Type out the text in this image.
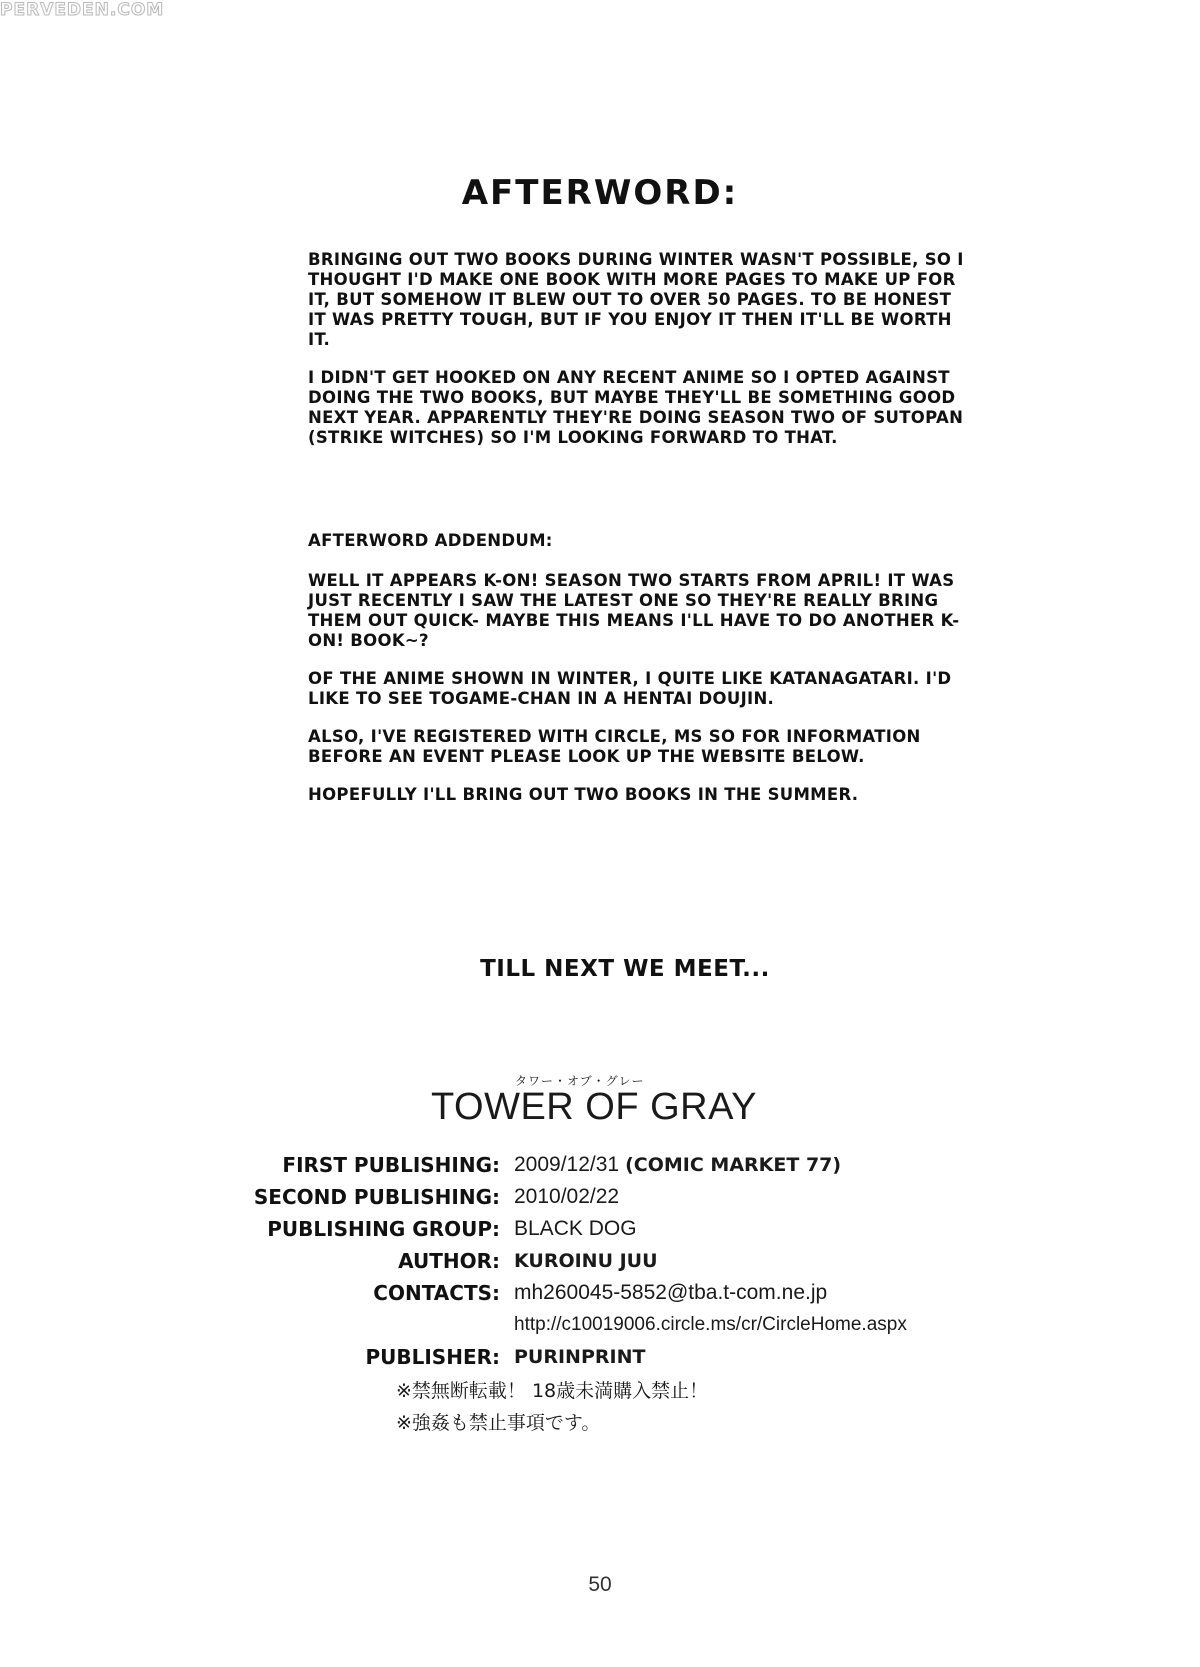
PERVEDEN.COM
AFTERWORD:

BRINGING OUT TWO BOOKS DURING WINTER WASN'T POSSIBLE, SO I THOUGHT I'D MAKE ONE BOOK WITH MORE PAGES TO MAKE UP FOR IT, BUT SOMEHOW IT BLEW OUT TO OVER 50 PAGES. TO BE HONEST IT WAS PRETTY TOUGH, BUT IF YOU ENJOY IT THEN IT'LL BE WORTH IT.

I DIDN'T GET HOOKED ON ANY RECENT ANIME SO I OPTED AGAINST DOING THE TWO BOOKS, BUT MAYBE THEY'LL BE SOMETHING GOOD NEXT YEAR. APPARENTLY THEY'RE DOING SEASON TWO OF SUTOPAN (STRIKE WITCHES) SO I'M LOOKING FORWARD TO THAT.

AFTERWORD ADDENDUM:

WELL IT APPEARS K-ON! SEASON TWO STARTS FROM APRIL! IT WAS JUST RECENTLY I SAW THE LATEST ONE SO THEY'RE REALLY BRING THEM OUT QUICK- MAYBE THIS MEANS I'LL HAVE TO DO ANOTHER K-ON! BOOK~?

OF THE ANIME SHOWN IN WINTER, I QUITE LIKE KATANAGATARI. I'D LIKE TO SEE TOGAME-CHAN IN A HENTAI DOUJIN.

ALSO, I'VE REGISTERED WITH CIRCLE, MS SO FOR INFORMATION BEFORE AN EVENT PLEASE LOOK UP THE WEBSITE BELOW.

HOPEFULLY I'LL BRING OUT TWO BOOKS IN THE SUMMER.

TILL NEXT WE MEET...
タワー・オブ・グレー
TOWER OF GRAY
FIRST PUBLISHING: 2009/12/31 (COMIC MARKET 77)
SECOND PUBLISHING: 2010/02/22
PUBLISHING GROUP: BLACK DOG
AUTHOR: KUROINU JUU
CONTACTS: mh260045-5852@tba.t-com.ne.jp
http://c10019006.circle.ms/cr/CircleHome.aspx
PUBLISHER: PURINPRINT
※禁無断転載！ 18歳未満購入禁止！
※強姦も禁止事項です。
50
